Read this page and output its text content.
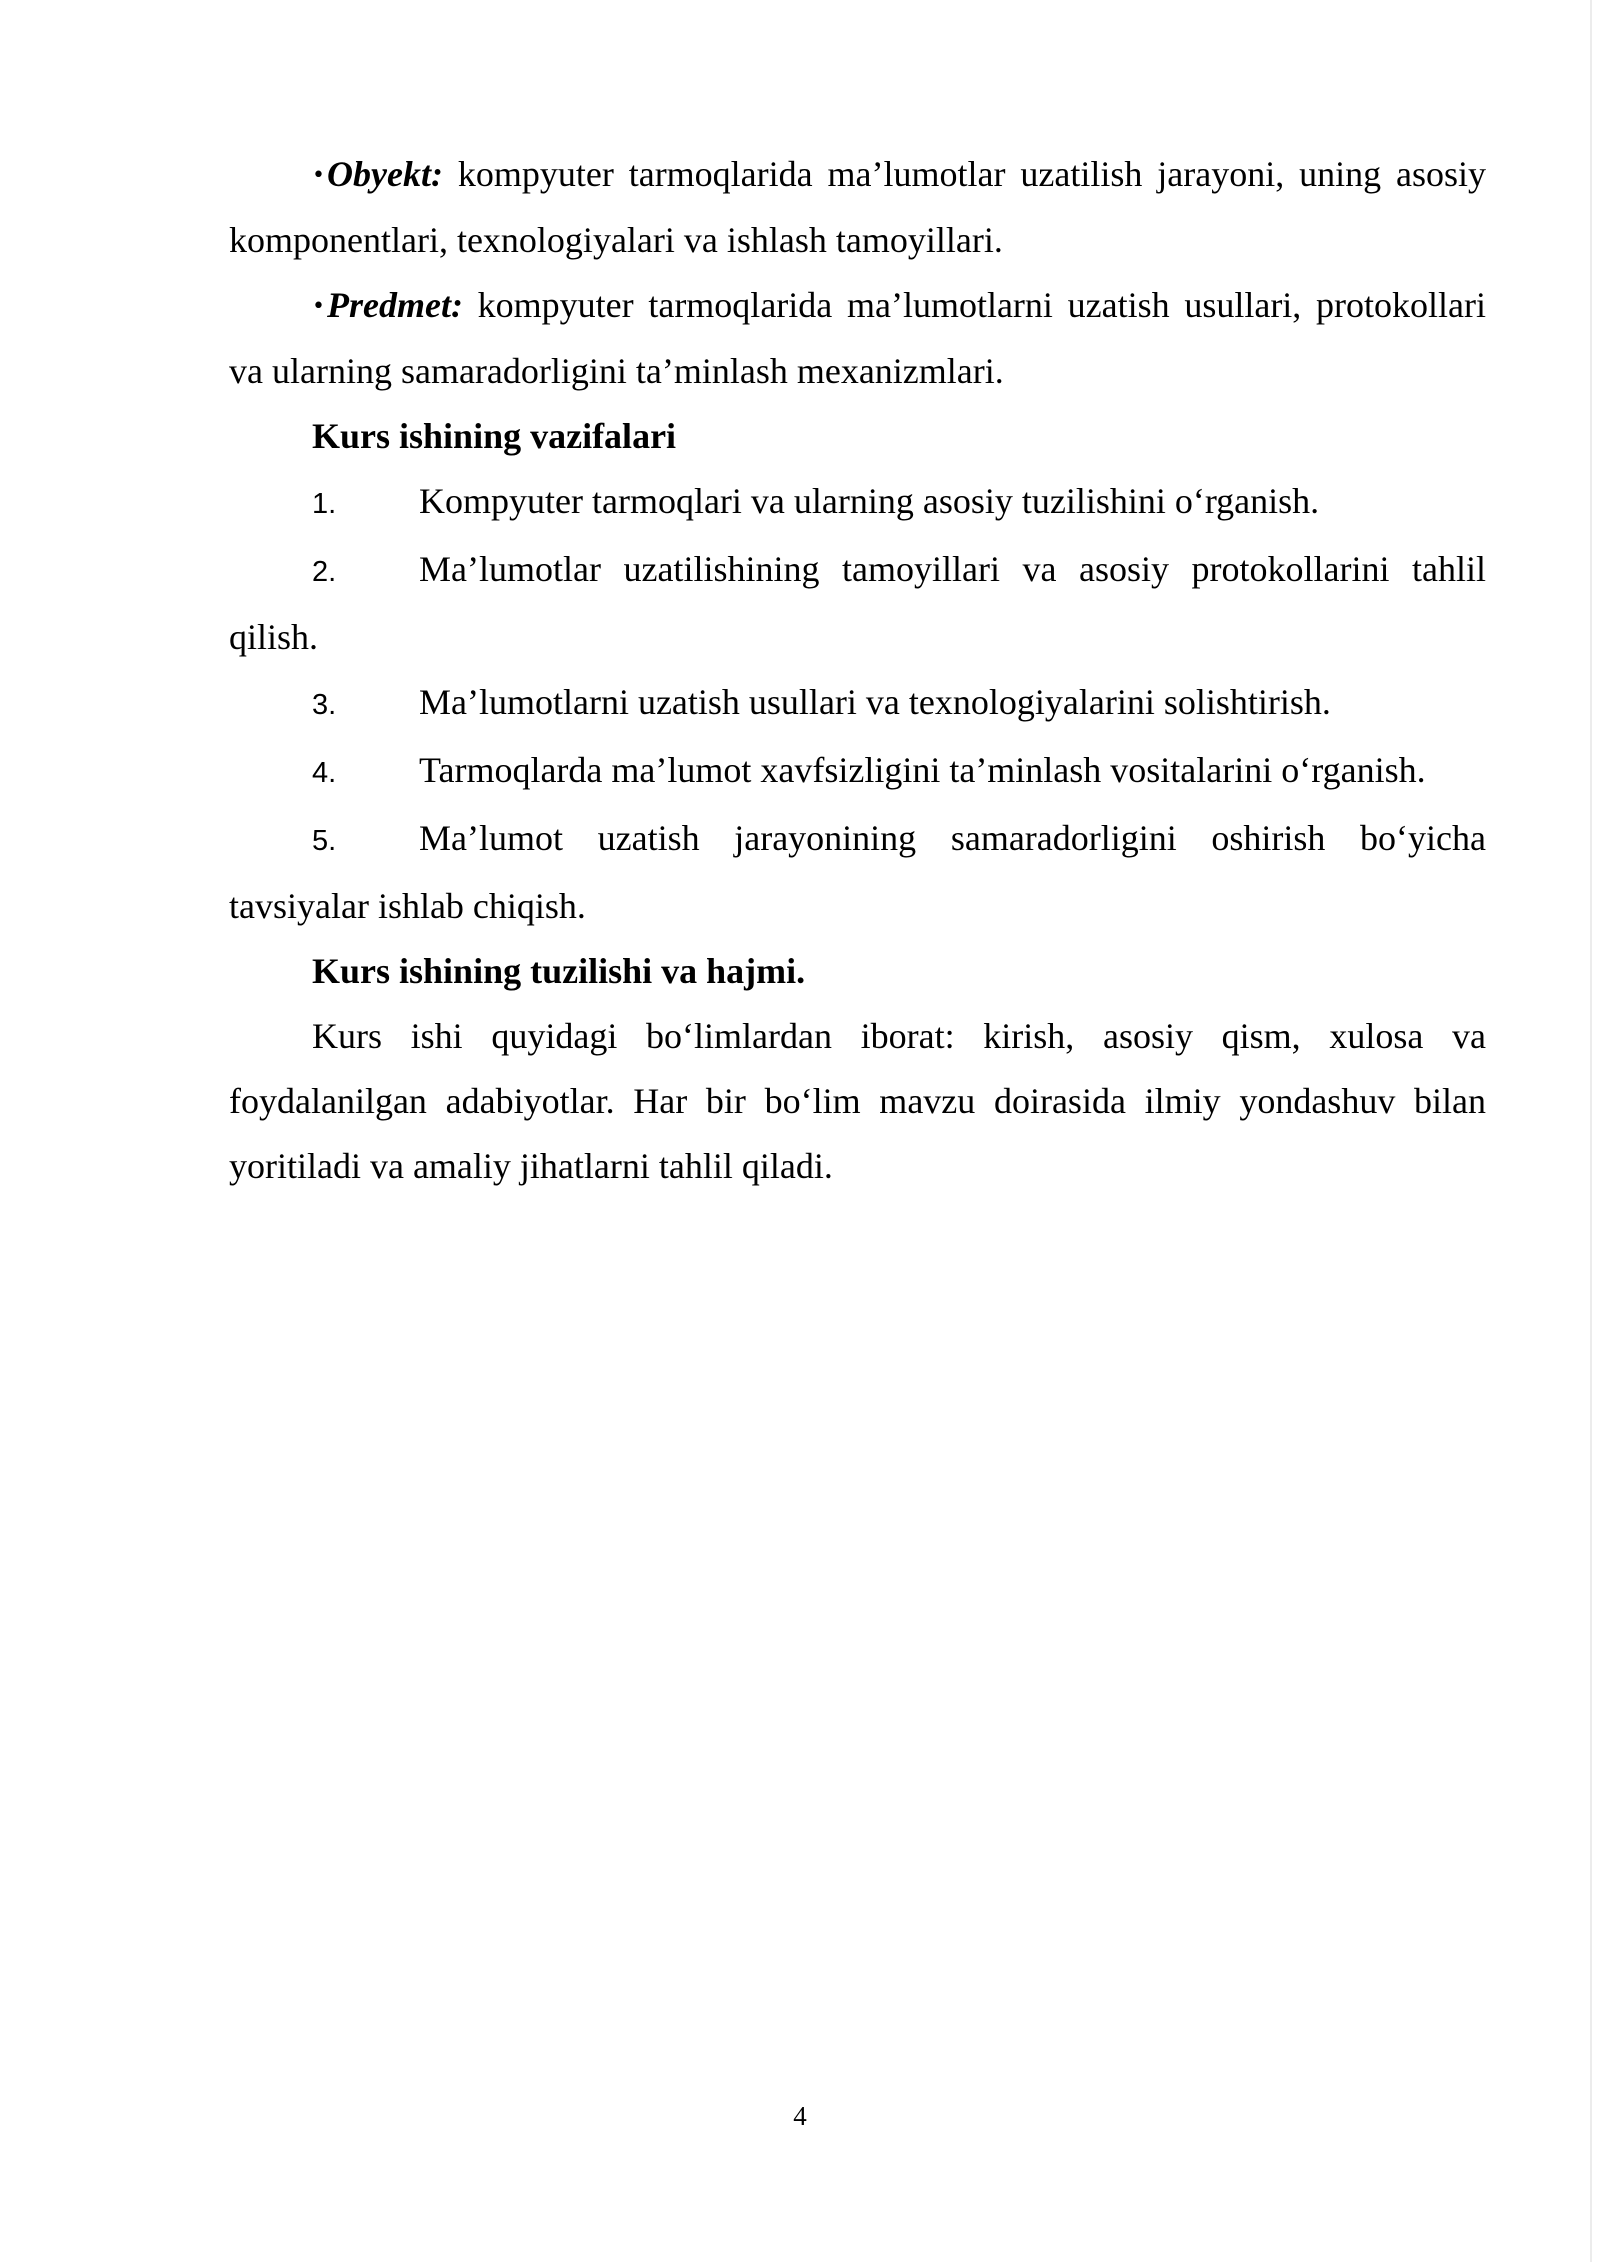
•Obyekt: kompyuter tarmoqlarida ma’lumotlar uzatilish jarayoni, uning asosiy komponentlari, texnologiyalari va ishlash tamoyillari.

•Predmet: kompyuter tarmoqlarida ma’lumotlarni uzatish usullari, protokollari va ularning samaradorligini ta’minlash mexanizmlari.

Kurs ishining vazifalari

1. Kompyuter tarmoqlari va ularning asosiy tuzilishini o‘rganish.

2. Ma’lumotlar uzatilishining tamoyillari va asosiy protokollarini tahlil qilish.

3. Ma’lumotlarni uzatish usullari va texnologiyalarini solishtirish.

4. Tarmoqlarda ma’lumot xavfsizligini ta’minlash vositalarini o‘rganish.

5. Ma’lumot uzatish jarayonining samaradorligini oshirish bo‘yicha tavsiyalar ishlab chiqish.

Kurs ishining tuzilishi va hajmi.

Kurs ishi quyidagi bo‘limlardan iborat: kirish, asosiy qism, xulosa va foydalanilgan adabiyotlar. Har bir bo‘lim mavzu doirasida ilmiy yondashuv bilan yoritiladi va amaliy jihatlarni tahlil qiladi.

4
